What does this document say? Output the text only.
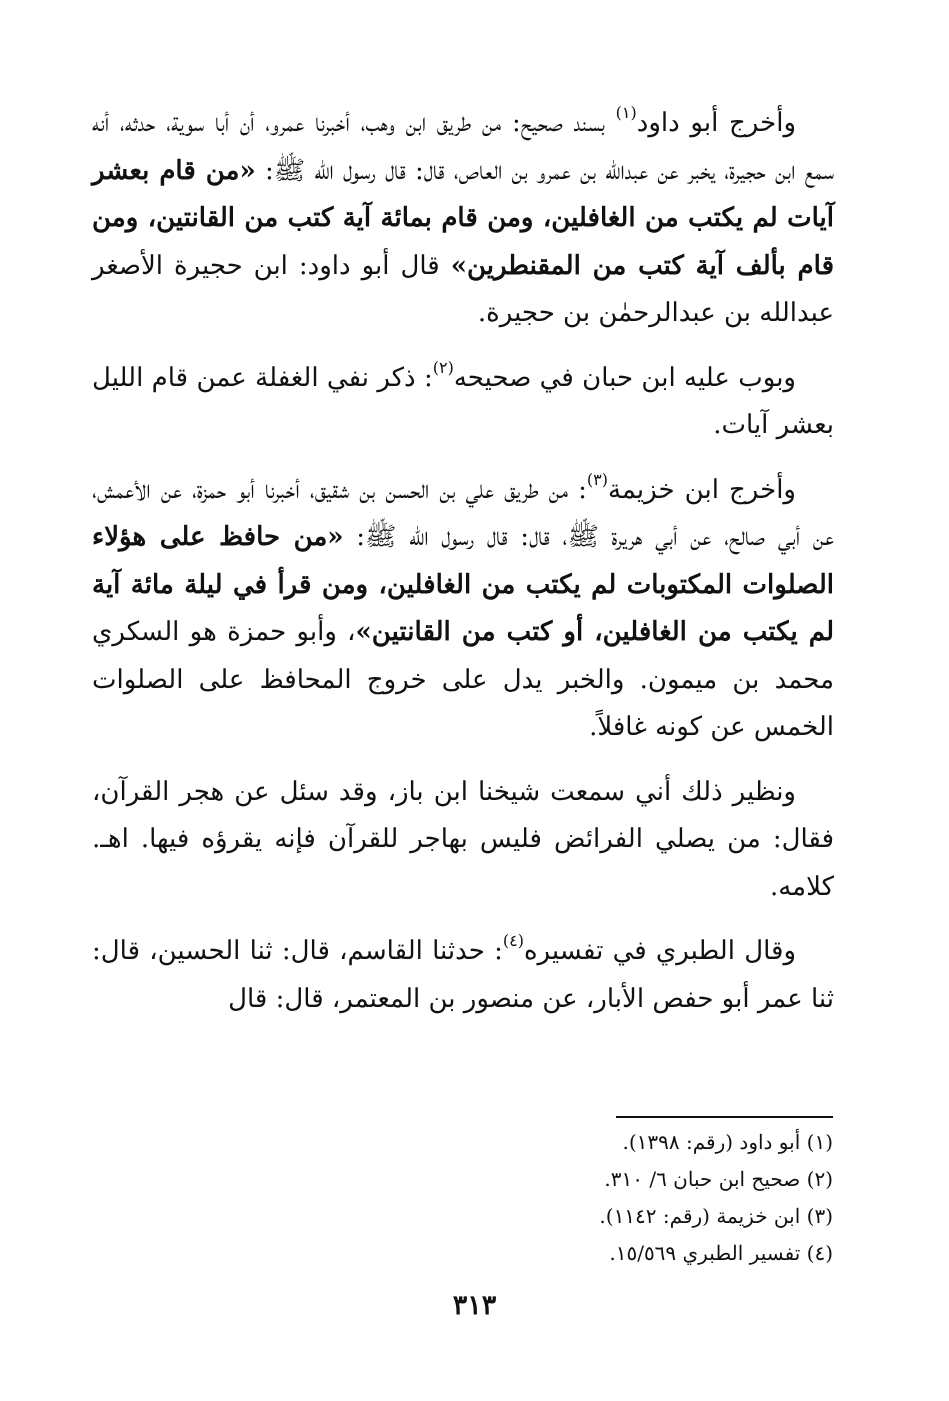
وأخرج أبو داود$^{(١)}$ بسند صحيح: من طريق ابن وهب، أخبرنا عمرو، أن أبا سوية، حدثه، أنه سمع ابن حجيرة، يخبر عن عبدالله بن عمرو بن العاص، قال: قال رسول الله ﷺ: «من قام بعشر آيات لم يكتب من الغافلين، ومن قام بمائة آية كتب من القانتين، ومن قام بألف آية كتب من المقنطرين» قال أبو داود: ابن حجيرة الأصغر عبدالله بن عبدالرحمٰن بن حجيرة.

وبوب عليه ابن حبان في صحيحه$^{(٢)}$: ذكر نفي الغفلة عمن قام الليل بعشر آيات.

وأخرج ابن خزيمة$^{(٣)}$: من طريق علي بن الحسن بن شقيق، أخبرنا أبو حمزة، عن الأعمش، عن أبي صالح، عن أبي هريرة ﷺ، قال: قال رسول الله ﷺ: «من حافظ على هؤلاء الصلوات المكتوبات لم يكتب من الغافلين، ومن قرأ في ليلة مائة آية لم يكتب من الغافلين، أو كتب من القانتين»، وأبو حمزة هو السكري محمد بن ميمون. والخبر يدل على خروج المحافظ على الصلوات الخمس عن كونه غافلاً.

ونظير ذلك أني سمعت شيخنا ابن باز، وقد سئل عن هجر القرآن، فقال: من يصلي الفرائض فليس بهاجر للقرآن فإنه يقرؤه فيها. اهـ. كلامه.

وقال الطبري في تفسيره$^{(٤)}$: حدثنا القاسم، قال: ثنا الحسين، قال: ثنا عمر أبو حفص الأبار، عن منصور بن المعتمر، قال: قال

(١) أبو داود (رقم: ١٣٩٨).

(٢) صحيح ابن حبان ٦/ ٣١٠.

(٣) ابن خزيمة (رقم: ١١٤٢).

(٤) تفسير الطبري ١٥/٥٦٩.

٣١٣
